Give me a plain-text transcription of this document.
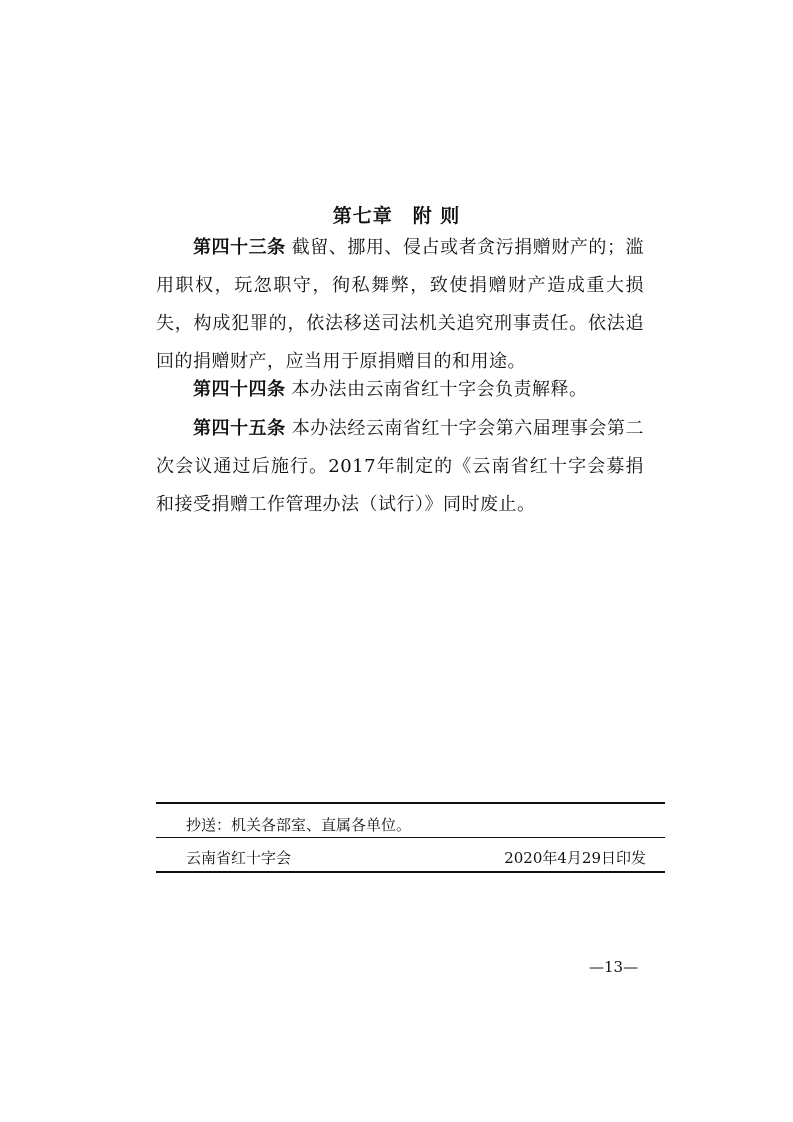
第七章　附 则
第四十三条 截留、挪用、侵占或者贪污捐赠财产的；滥用职权，玩忽职守，徇私舞弊，致使捐赠财产造成重大损失，构成犯罪的，依法移送司法机关追究刑事责任。依法追回的捐赠财产，应当用于原捐赠目的和用途。
第四十四条 本办法由云南省红十字会负责解释。
第四十五条 本办法经云南省红十字会第六届理事会第二次会议通过后施行。2017年制定的《云南省红十字会募捐和接受捐赠工作管理办法（试行）》同时废止。
抄送：机关各部室、直属各单位。
云南省红十字会	2020年4月29日印发
—13—
